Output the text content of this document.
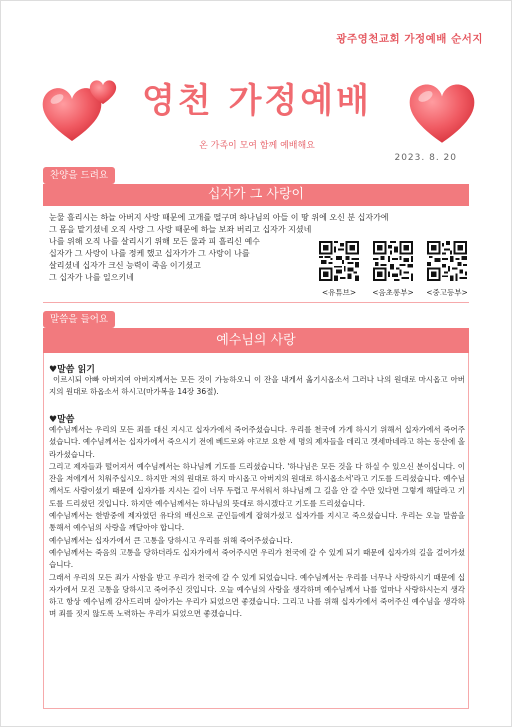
광주영천교회 가정예배 순서지
영천 가정예배
온 가족이 모여 함께 예배해요
2023. 8. 20
찬양을 드려요
십자가 그 사랑이
눈물 흘리시는 하늘 아버지 사랑 때문에 고개를 떨구며 하나님의 아들 이 땅 위에 오신 분 십자가에
그 몸을 맡기셨네 오직 사랑 그 사랑 때문에 하늘 보좌 버리고 십자가 지셨네
나를 위해 오직 나를 살리시기 위해 모든 물과 피 흘리신 예수
십자가 그 사랑이 나를 정케 했고 십자가가 그 사랑이 나를
살리셨네 십자가 크신 능력이 죽음 이기셨고
그 십자가 나를 일으키네
<유튜브>	<음초롱부>	<중고등부>
말씀을 들어요
예수님의 사랑
♥말씀 읽기
이르시되 아빠 아버지여 아버지께서는 모든 것이 가능하오니 이 잔을 내게서 옮기시옵소서 그러나 나의 원대로 마시옵고 아버지의 원대로 하옵소서 하시고(마가복음 14장 36절).
♥말씀
예수님께서는 우리의 모든 죄를 대신 지시고 십자가에서 죽어주셨습니다. 우리를 천국에 가게 하시기 위해서 십자가에서 죽어주셨습니다. 예수님께서는 십자가에서 죽으시기 전에 베드로와 야고보 요한 세 명의 제자들을 데리고 겟세마네라고 하는 동산에 올라가셨습니다.
그리고 제자들과 떨어져서 예수님께서는 하나님께 기도를 드리셨습니다. '하나님은 모든 것을 다 하실 수 있으신 분이십니다. 이 잔을 저에게서 치워주십시오. 하지만 저의 원대로 하지 마시옵고 아버지의 원대로 하시옵소서'라고 기도를 드리셨습니다. 예수님께서도 사람이셨기 때문에 십자가를 지시는 길이 너무 두렵고 무서워서 하나님께 그 길을 안 갈 수만 있다면 그렇게 해달라고 기도를 드리셨던 것입니다. 하지만 예수님께서는 하나님의 뜻대로 하시겠다고 기도를 드리셨습니다.
예수님께서는 한밤중에 제자였던 유다의 배신으로 군인들에게 잡혀가셨고 십자가를 지시고 죽으셨습니다. 우리는 오늘 말씀을 통해서 예수님의 사랑을 깨달아야 합니다.
예수님께서는 십자가에서 큰 고통을 당하시고 우리를 위해 죽어주셨습니다.
예수님께서는 죽음의 고통을 당하더라도 십자가에서 죽어주시면 우리가 천국에 갈 수 있게 되기 때문에 십자가의 길을 걸어가셨습니다.
그래서 우리의 모든 죄가 사함을 받고 우리가 천국에 갈 수 있게 되었습니다. 예수님께서는 우리를 너무나 사랑하시기 때문에 십자가에서 모진 고통을 당하시고 죽어주신 것입니다. 오늘 예수님의 사랑을 생각하며 예수님께서 나를 얼마나 사랑하시는지 생각하고 항상 예수님께 감사드리며 살아가는 우리가 되었으면 좋겠습니다. 그리고 나를 위해 십자가에서 죽어주신 예수님을 생각하며 죄를 짓지 않도록 노력하는 우리가 되었으면 좋겠습니다.
